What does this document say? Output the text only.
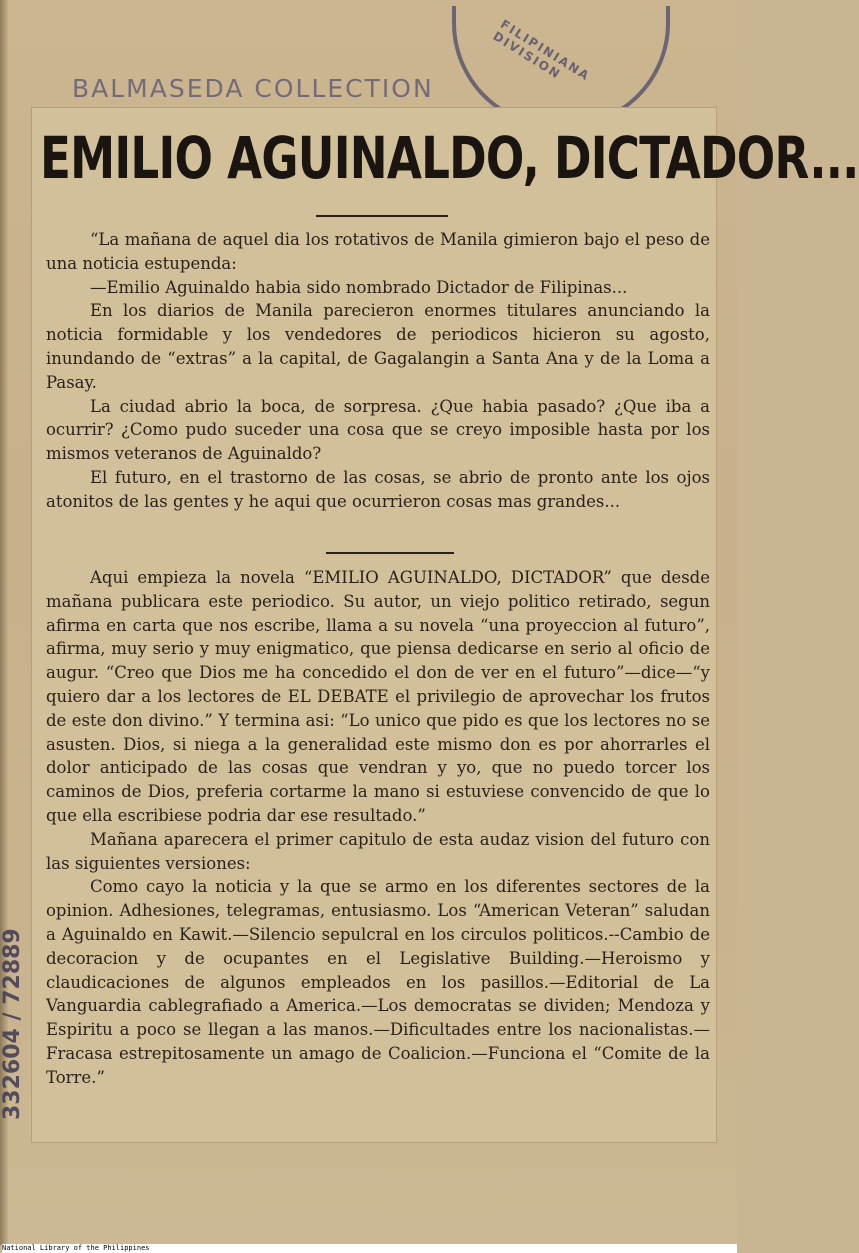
BALMASEDA COLLECTION
FILIPINIANA DIVISION
EMILIO AGUINALDO, DICTADOR...

“La mañana de aquel dia los rotativos de Manila gimieron bajo el peso de una noticia estupenda:

—Emilio Aguinaldo habia sido nombrado Dictador de Filipinas...

En los diarios de Manila parecieron enormes titulares anunciando la noticia formidable y los vendedores de periodicos hicieron su agosto, inundando de “extras” a la capital, de Gagalangin a Santa Ana y de la Loma a Pasay.

La ciudad abrio la boca, de sorpresa. ¿Que habia pasado? ¿Que iba a ocurrir? ¿Como pudo suceder una cosa que se creyo imposible hasta por los mismos veteranos de Aguinaldo?

El futuro, en el trastorno de las cosas, se abrio de pronto ante los ojos atonitos de las gentes y he aqui que ocurrieron cosas mas grandes...

Aqui empieza la novela “EMILIO AGUINALDO, DICTADOR” que desde mañana publicara este periodico. Su autor, un viejo politico retirado, segun afirma en carta que nos escribe, llama a su novela “una proyeccion al futuro”, afirma, muy serio y muy enigmatico, que piensa dedicarse en serio al oficio de augur. “Creo que Dios me ha concedido el don de ver en el futuro”—dice—“y quiero dar a los lectores de EL DEBATE el privilegio de aprovechar los frutos de este don divino.” Y termina asi: “Lo unico que pido es que los lectores no se asusten. Dios, si niega a la generalidad este mismo don es por ahorrarles el dolor anticipado de las cosas que vendran y yo, que no puedo torcer los caminos de Dios, preferia cortarme la mano si estuviese convencido de que lo que ella escribiese podria dar ese resultado.”

Mañana aparecera el primer capitulo de esta audaz vision del futuro con las siguientes versiones:

Como cayo la noticia y la que se armo en los diferentes sectores de la opinion. Adhesiones, telegramas, entusiasmo. Los “American Veteran” saludan a Aguinaldo en Kawit.—Silencio sepulcral en los circulos politicos.--Cambio de decoracion y de ocupantes en el Legislative Building.—Heroismo y claudicaciones de algunos empleados en los pasillos.—Editorial de La Vanguardia cablegrafiado a America.—Los democratas se dividen; Mendoza y Espiritu a poco se llegan a las manos.—Dificultades entre los nacionalistas.—Fracasa estrepitosamente un amago de Coalicion.—Funciona el “Comite de la Torre.”

332604 / 72889
National Library of the Philippines
